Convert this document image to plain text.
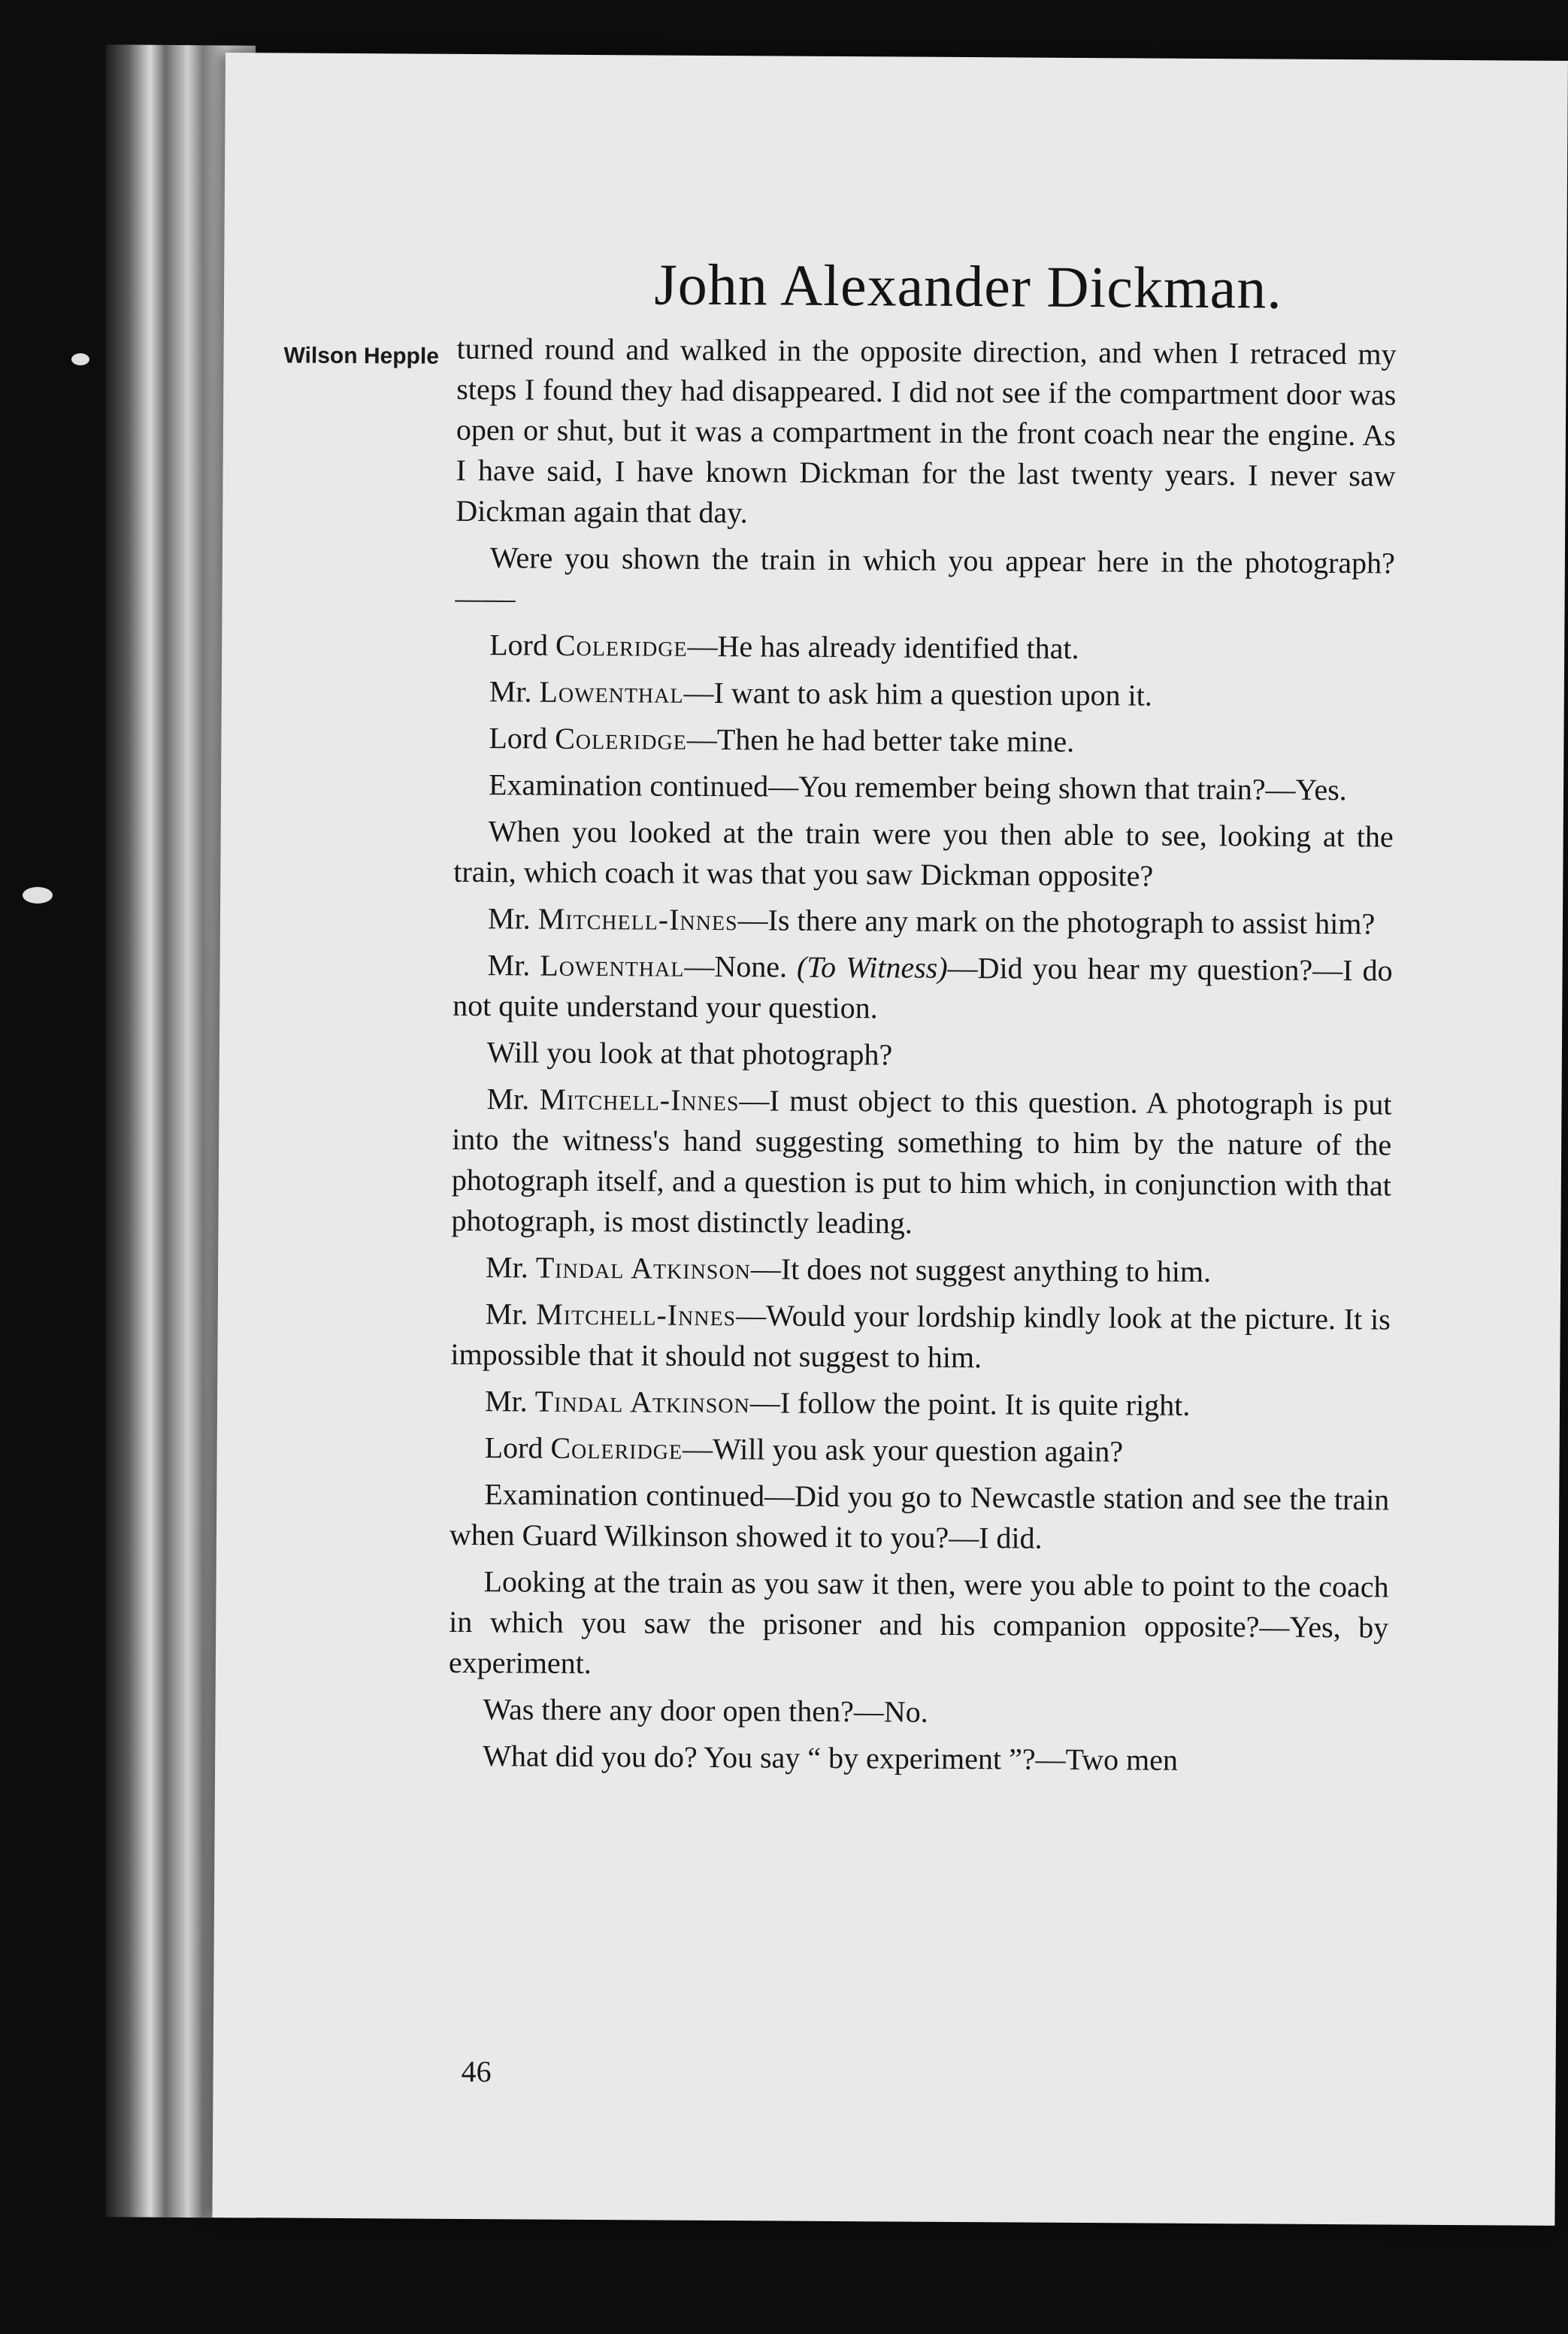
John Alexander Dickman.
Wilson Hepple turned round and walked in the opposite direction, and when I retraced my steps I found they had disappeared. I did not see if the compartment door was open or shut, but it was a compartment in the front coach near the engine. As I have said, I have known Dickman for the last twenty years. I never saw Dickman again that day.

Were you shown the train in which you appear here in the photograph?——

Lord Coleridge—He has already identified that.

Mr. Lowenthal—I want to ask him a question upon it.

Lord Coleridge—Then he had better take mine.

Examination continued—You remember being shown that train?—Yes.

When you looked at the train were you then able to see, looking at the train, which coach it was that you saw Dickman opposite?

Mr. Mitchell-Innes—Is there any mark on the photograph to assist him?

Mr. Lowenthal—None. (To Witness)—Did you hear my question?—I do not quite understand your question.

Will you look at that photograph?

Mr. Mitchell-Innes—I must object to this question. A photograph is put into the witness's hand suggesting something to him by the nature of the photograph itself, and a question is put to him which, in conjunction with that photograph, is most distinctly leading.

Mr. Tindal Atkinson—It does not suggest anything to him.

Mr. Mitchell-Innes—Would your lordship kindly look at the picture. It is impossible that it should not suggest to him.

Mr. Tindal Atkinson—I follow the point. It is quite right.

Lord Coleridge—Will you ask your question again?

Examination continued—Did you go to Newcastle station and see the train when Guard Wilkinson showed it to you?—I did.

Looking at the train as you saw it then, were you able to point to the coach in which you saw the prisoner and his companion opposite?—Yes, by experiment.

Was there any door open then?—No.

What did you do? You say “ by experiment ”?—Two men

46
